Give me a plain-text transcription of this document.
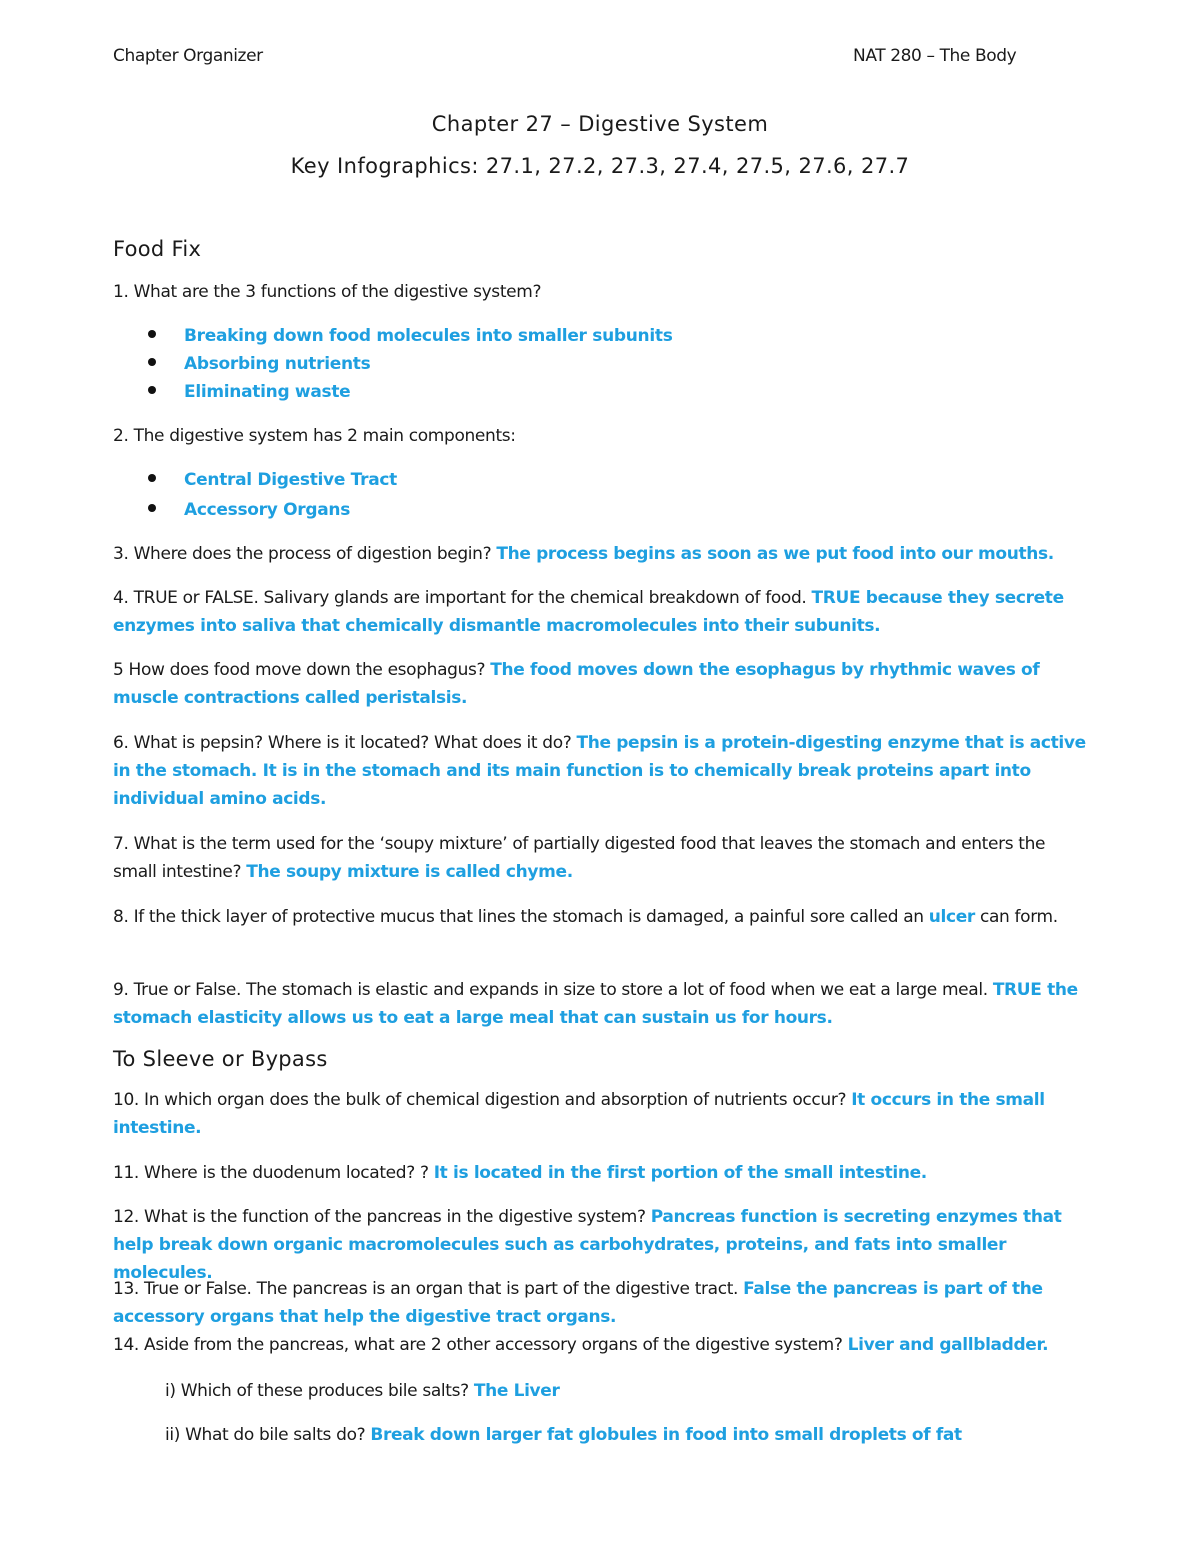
Chapter Organizer	NAT 280 – The Body
Chapter 27 – Digestive System
Key Infographics: 27.1, 27.2, 27.3, 27.4, 27.5, 27.6, 27.7
Food Fix
1. What are the 3 functions of the digestive system?
Breaking down food molecules into smaller subunits
Absorbing nutrients
Eliminating waste
2. The digestive system has 2 main components:
Central Digestive Tract
Accessory Organs
3. Where does the process of digestion begin? The process begins as soon as we put food into our mouths.
4. TRUE or FALSE. Salivary glands are important for the chemical breakdown of food. TRUE because they secrete enzymes into saliva that chemically dismantle macromolecules into their subunits.
5 How does food move down the esophagus? The food moves down the esophagus by rhythmic waves of muscle contractions called peristalsis.
6. What is pepsin? Where is it located? What does it do? The pepsin is a protein-digesting enzyme that is active in the stomach. It is in the stomach and its main function is to chemically break proteins apart into individual amino acids.
7. What is the term used for the ‘soupy mixture’ of partially digested food that leaves the stomach and enters the small intestine? The soupy mixture is called chyme.
8. If the thick layer of protective mucus that lines the stomach is damaged, a painful sore called an ulcer can form.
9. True or False. The stomach is elastic and expands in size to store a lot of food when we eat a large meal. TRUE the stomach elasticity allows us to eat a large meal that can sustain us for hours.
To Sleeve or Bypass
10. In which organ does the bulk of chemical digestion and absorption of nutrients occur? It occurs in the small intestine.
11. Where is the duodenum located? ? It is located in the first portion of the small intestine.
12. What is the function of the pancreas in the digestive system? Pancreas function is secreting enzymes that help break down organic macromolecules such as carbohydrates, proteins, and fats into smaller molecules.
13. True or False. The pancreas is an organ that is part of the digestive tract. False the pancreas is part of the accessory organs that help the digestive tract organs.
14. Aside from the pancreas, what are 2 other accessory organs of the digestive system? Liver and gallbladder.
i) Which of these produces bile salts? The Liver
ii) What do bile salts do? Break down larger fat globules in food into small droplets of fat
